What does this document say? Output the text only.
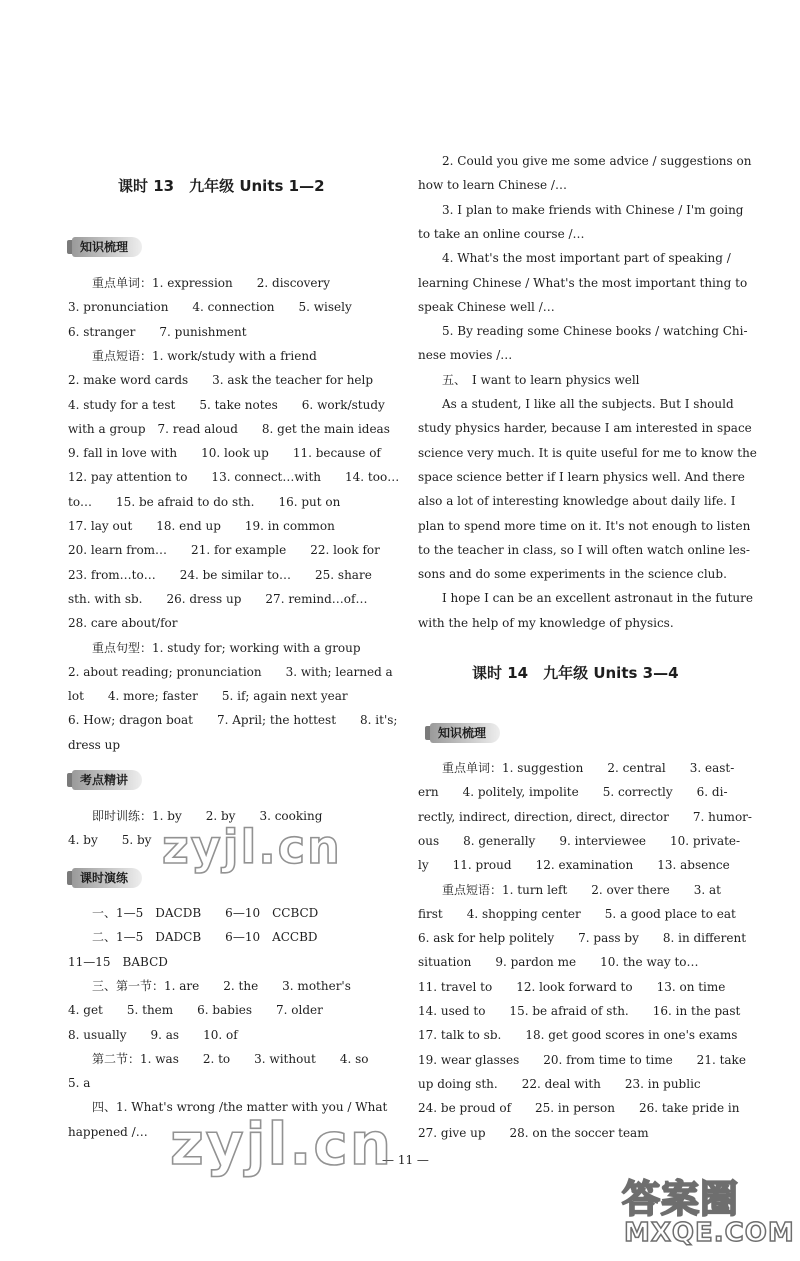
课时 13　九年级 Units 1—2
知识梳理
重点单词：1. expression　　2. discovery
3. pronunciation　　4. connection　　5. wisely
6. stranger　　7. punishment
重点短语：1. work/study with a friend
2. make word cards　　3. ask the teacher for help
4. study for a test　　5. take notes　　6. work/study
with a group　7. read aloud　　8. get the main ideas
9. fall in love with　　10. look up　　11. because of
12. pay attention to　　13. connect…with　　14. too…
to…　　15. be afraid to do sth.　　16. put on
17. lay out　　18. end up　　19. in common
20. learn from…　　21. for example　　22. look for
23. from…to…　　24. be similar to…　　25. share
sth. with sb.　　26. dress up　　27. remind…of…
28. care about/for
重点句型：1. study for; working with a group
2. about reading; pronunciation　　3. with; learned a
lot　　4. more; faster　　5. if; again next year
6. How; dragon boat　　7. April; the hottest　　8. it's;
dress up
考点精讲
即时训练：1. by　　2. by　　3. cooking
4. by　　5. by
课时演练
一、1—5　DACDB　　6—10　CCBCD
二、1—5　DADCB　　6—10　ACCBD
11—15　BABCD
三、第一节：1. are　　2. the　　3. mother's
4. get　　5. them　　6. babies　　7. older
8. usually　　9. as　　10. of
第二节：1. was　　2. to　　3. without　　4. so
5. a
四、1. What's wrong /the matter with you / What
happened /…
2. Could you give me some advice / suggestions on
how to learn Chinese /…
3. I plan to make friends with Chinese / I'm going
to take an online course /…
4. What's the most important part of speaking /
learning Chinese / What's the most important thing to
speak Chinese well /…
5. By reading some Chinese books / watching Chi-
nese movies /…
五、　I want to learn physics well
As a student, I like all the subjects. But I should
study physics harder, because I am interested in space
science very much. It is quite useful for me to know the
space science better if I learn physics well. And there
also a lot of interesting knowledge about daily life. I
plan to spend more time on it. It's not enough to listen
to the teacher in class, so I will often watch online les-
sons and do some experiments in the science club.
I hope I can be an excellent astronaut in the future
with the help of my knowledge of physics.
课时 14　九年级 Units 3—4
知识梳理
重点单词：1. suggestion　　2. central　　3. east-
ern　　4. politely, impolite　　5. correctly　　6. di-
rectly, indirect, direction, direct, director　　7. humor-
ous　　8. generally　　9. interviewee　　10. private-
ly　　11. proud　　12. examination　　13. absence
重点短语：1. turn left　　2. over there　　3. at
first　　4. shopping center　　5. a good place to eat
6. ask for help politely　　7. pass by　　8. in different
situation　　9. pardon me　　10. the way to…
11. travel to　　12. look forward to　　13. on time
14. used to　　15. be afraid of sth.　　16. in the past
17. talk to sb.　　18. get good scores in one's exams
19. wear glasses　　20. from time to time　　21. take
up doing sth.　　22. deal with　　23. in public
24. be proud of　　25. in person　　26. take pride in
27. give up　　28. on the soccer team
— 11 —
zyjl.cn
zyjl.cn
答案圈
MXQE.COM
